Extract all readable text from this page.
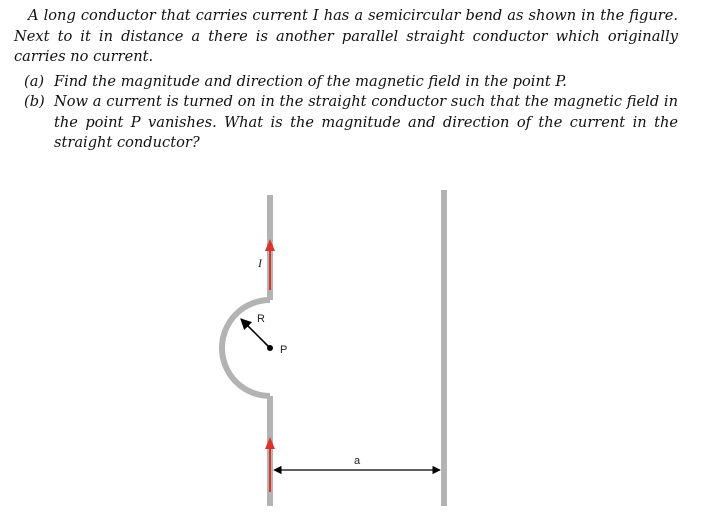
A long conductor that carries current I has a semicircular bend as shown in the figure. Next to it in distance a there is another parallel straight conductor which originally carries no current.

(a) Find the magnitude and direction of the magnetic field in the point P.
(b) Now a current is turned on in the straight conductor such that the magnetic field in the point P vanishes. What is the magnitude and direction of the current in the straight conductor?
I
R
P
a
